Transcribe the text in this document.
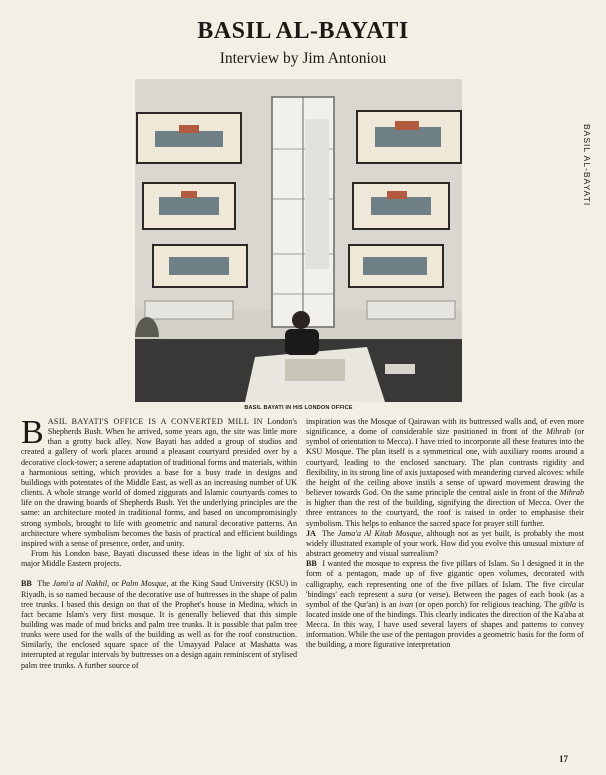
BASIL AL-BAYATI
Interview by Jim Antoniou
BASIL AL-BAYATI
BASIL BAYATI IN HIS LONDON OFFICE

BASIL BAYATI'S OFFICE IS A CONVERTED MILL IN London's Shepherds Bush. When he arrived, some years ago, the site was little more than a grotty back alley. Now Bayati has added a group of studios and created a gallery of work places around a pleasant courtyard presided over by a decorative clock-tower; a serene adaptation of traditional forms and materials, within a harmonious setting, which provides a base for a busy trade in designs and buildings with potentates of the Middle East, as well as an increasing number of UK clients. A whole strange world of domed ziggurats and Islamic courtyards comes to life on the drawing boards of Shepherds Bush. Yet the underlying principles are the same: an architecture rooted in traditional forms, and based on uncompromisingly strong symbols, brought to life with geometric and natural decorative patterns. An architecture where symbolism becomes the basis of practical and efficient buildings inspired with a sense of presence, order, and unity.

From his London base, Bayati discussed these ideas in the light of six of his major Middle Eastern projects.

BB The Jami'a al Nakhil, or Palm Mosque, at the King Saud University (KSU) in Riyadh, is so named because of the decorative use of buttresses in the shape of palm tree trunks. I based this design on that of the Prophet's house in Medina, which in fact became Islam's very first mosque. It is generally believed that this simple building was made of mud bricks and palm tree trunks. It is possible that palm tree trunks were used for the walls of the building as well as for the roof construction. Similarly, the enclosed square space of the Umayyad Palace at Mashatta was interrupted at regular intervals by buttresses on a design again reminiscent of stylised palm tree trunks. A further source of

inspiration was the Mosque of Qairawan with its buttressed walls and, of even more significance, a dome of considerable size positioned in front of the Mihrab (or symbol of orientation to Mecca). I have tried to incorporate all these features into the KSU Mosque. The plan itself is a symmetrical one, with auxiliary rooms around a courtyard, leading to the enclosed sanctuary. The plan contrasts rigidity and flexibility, in its strong line of axis juxtaposed with meandering curved alcoves: while the height of the ceiling above instils a sense of upward movement drawing the believer towards God. On the same principle the central aisle in front of the Mihrab is higher than the rest of the building, signifying the direction of Mecca. Over the three entrances to the courtyard, the roof is raised in order to emphasise their symbolism. This helps to enhance the sacred space for prayer still further.

JA The Jama'a Al Kitab Mosque, although not as yet built, is probably the most widely illustrated example of your work. How did you evolve this unusual mixture of abstract geometry and visual surrealism?

BB I wanted the mosque to express the five pillars of Islam. So I designed it in the form of a pentagon, made up of five gigantic open volumes, decorated with calligraphy, each representing one of the five pillars of Islam. The five circular 'bindings' each represent a sura (or verse). Between the pages of each book (as a symbol of the Qur'an) is an ivan (or open porch) for religious teaching. The gibla is located inside one of the bindings. This clearly indicates the direction of the Ka'aba at Mecca. In this way, I have used several layers of shapes and patterns to convey information. While the use of the pentagon provides a geometric basis for the form of the building, a more figurative interpretation

17
